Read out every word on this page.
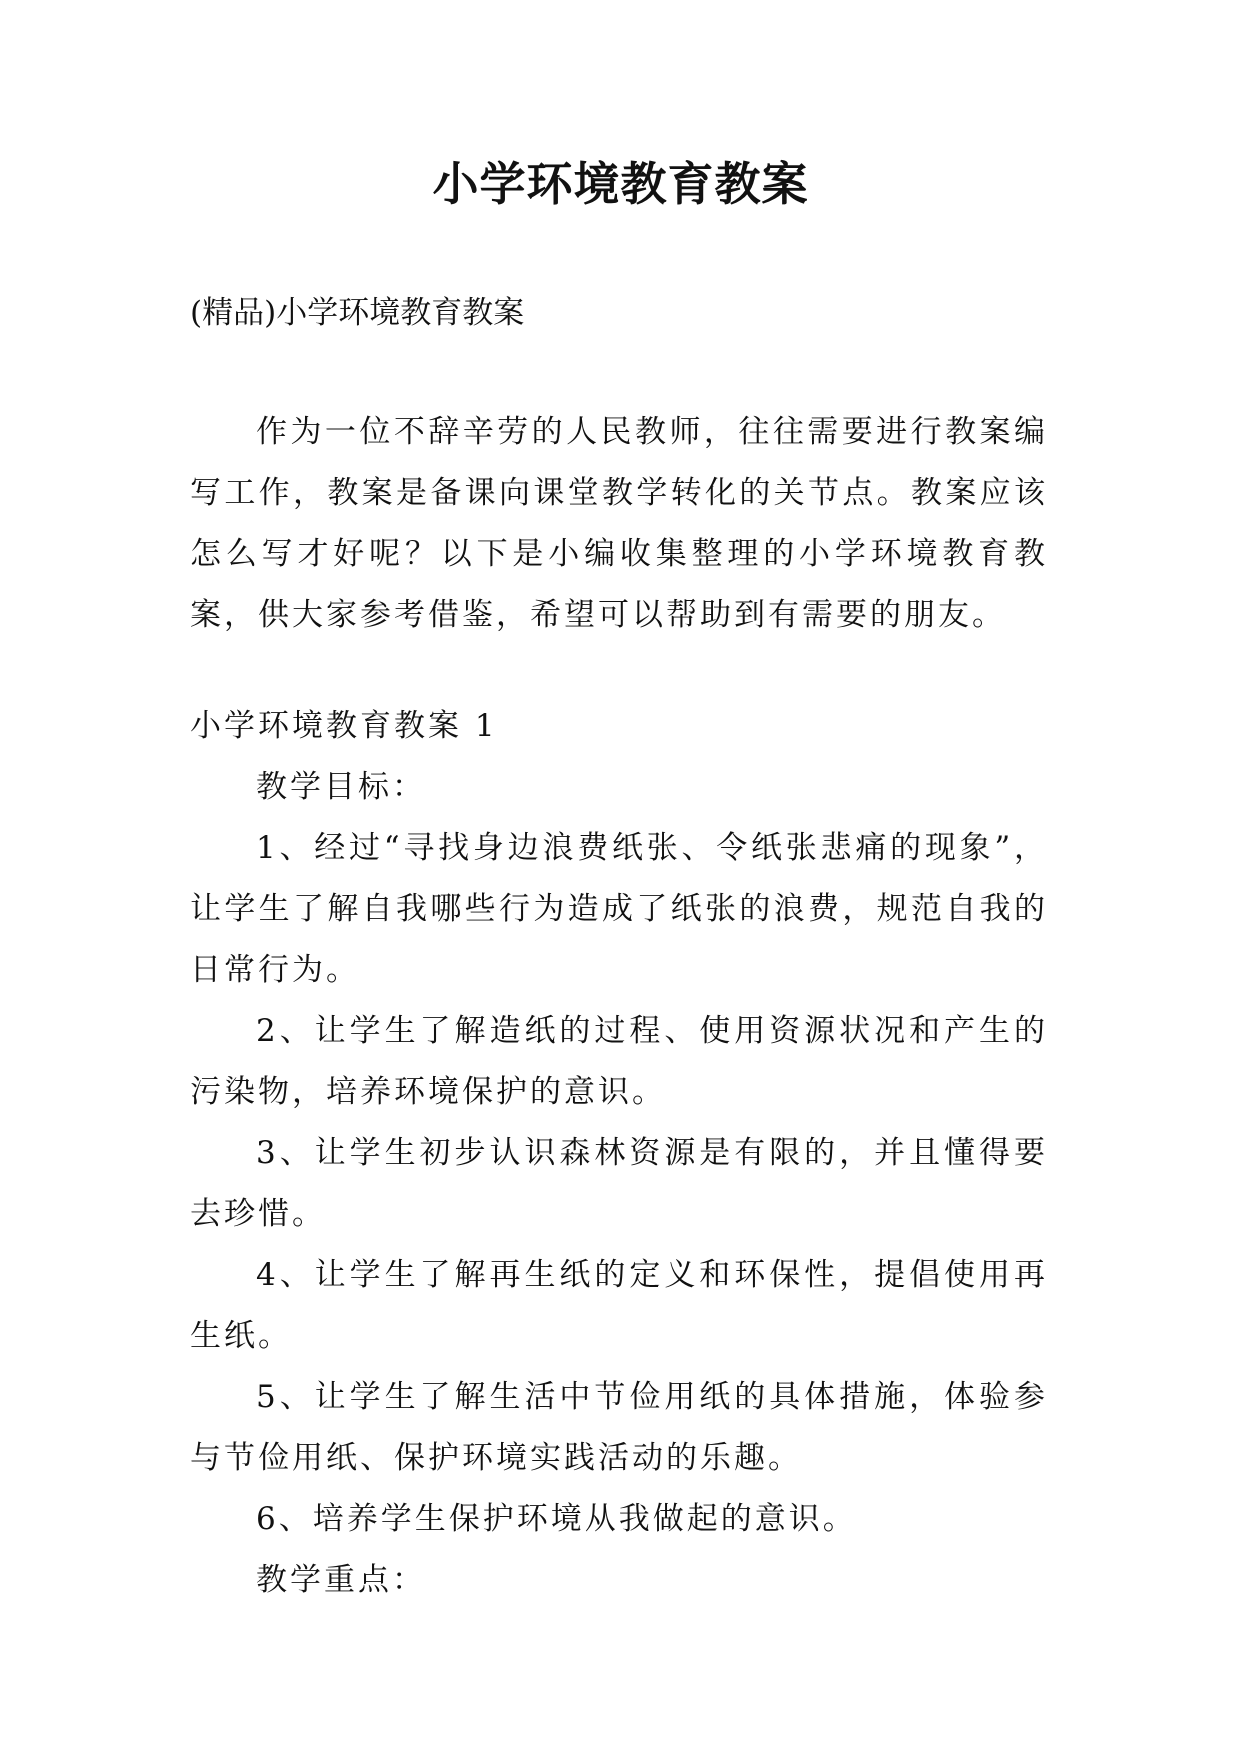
小学环境教育教案
(精品)小学环境教育教案

作为一位不辞辛劳的人民教师，往往需要进行教案编写工作，教案是备课向课堂教学转化的关节点。教案应该怎么写才好呢？以下是小编收集整理的小学环境教育教案，供大家参考借鉴，希望可以帮助到有需要的朋友。

小学环境教育教案 1

教学目标：

1、经过“寻找身边浪费纸张、令纸张悲痛的现象”，让学生了解自我哪些行为造成了纸张的浪费，规范自我的日常行为。

2、让学生了解造纸的过程、使用资源状况和产生的污染物，培养环境保护的意识。

3、让学生初步认识森林资源是有限的，并且懂得要去珍惜。

4、让学生了解再生纸的定义和环保性，提倡使用再生纸。

5、让学生了解生活中节俭用纸的具体措施，体验参与节俭用纸、保护环境实践活动的乐趣。

6、培养学生保护环境从我做起的意识。

教学重点：
